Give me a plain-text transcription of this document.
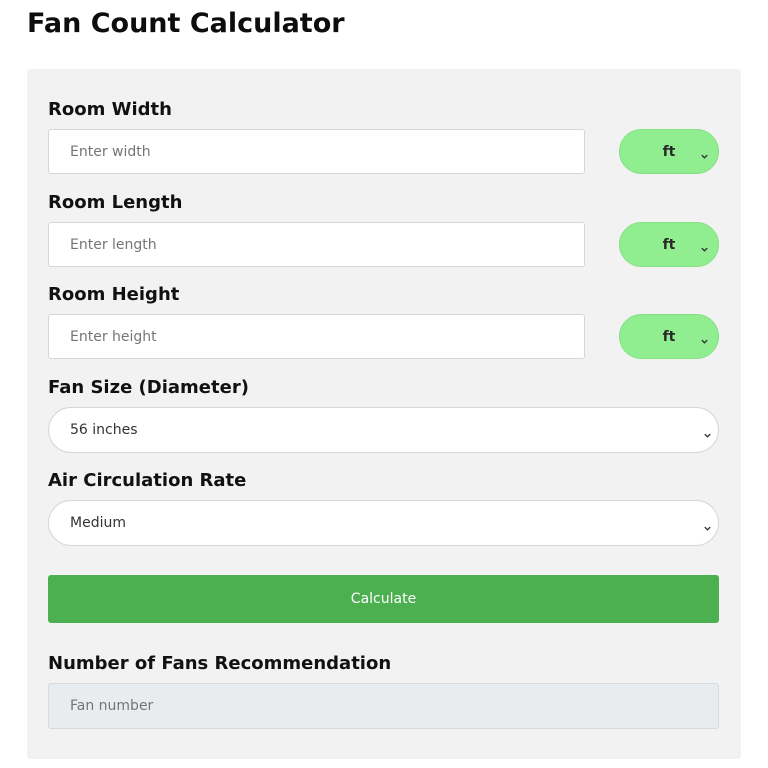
Fan Count Calculator

Room Width

Enter width
ft

Room Length

Enter length
ft

Room Height

Enter height
ft

Fan Size (Diameter)

56 inches

Air Circulation Rate

Medium
Calculate

Number of Fans Recommendation

Fan number
